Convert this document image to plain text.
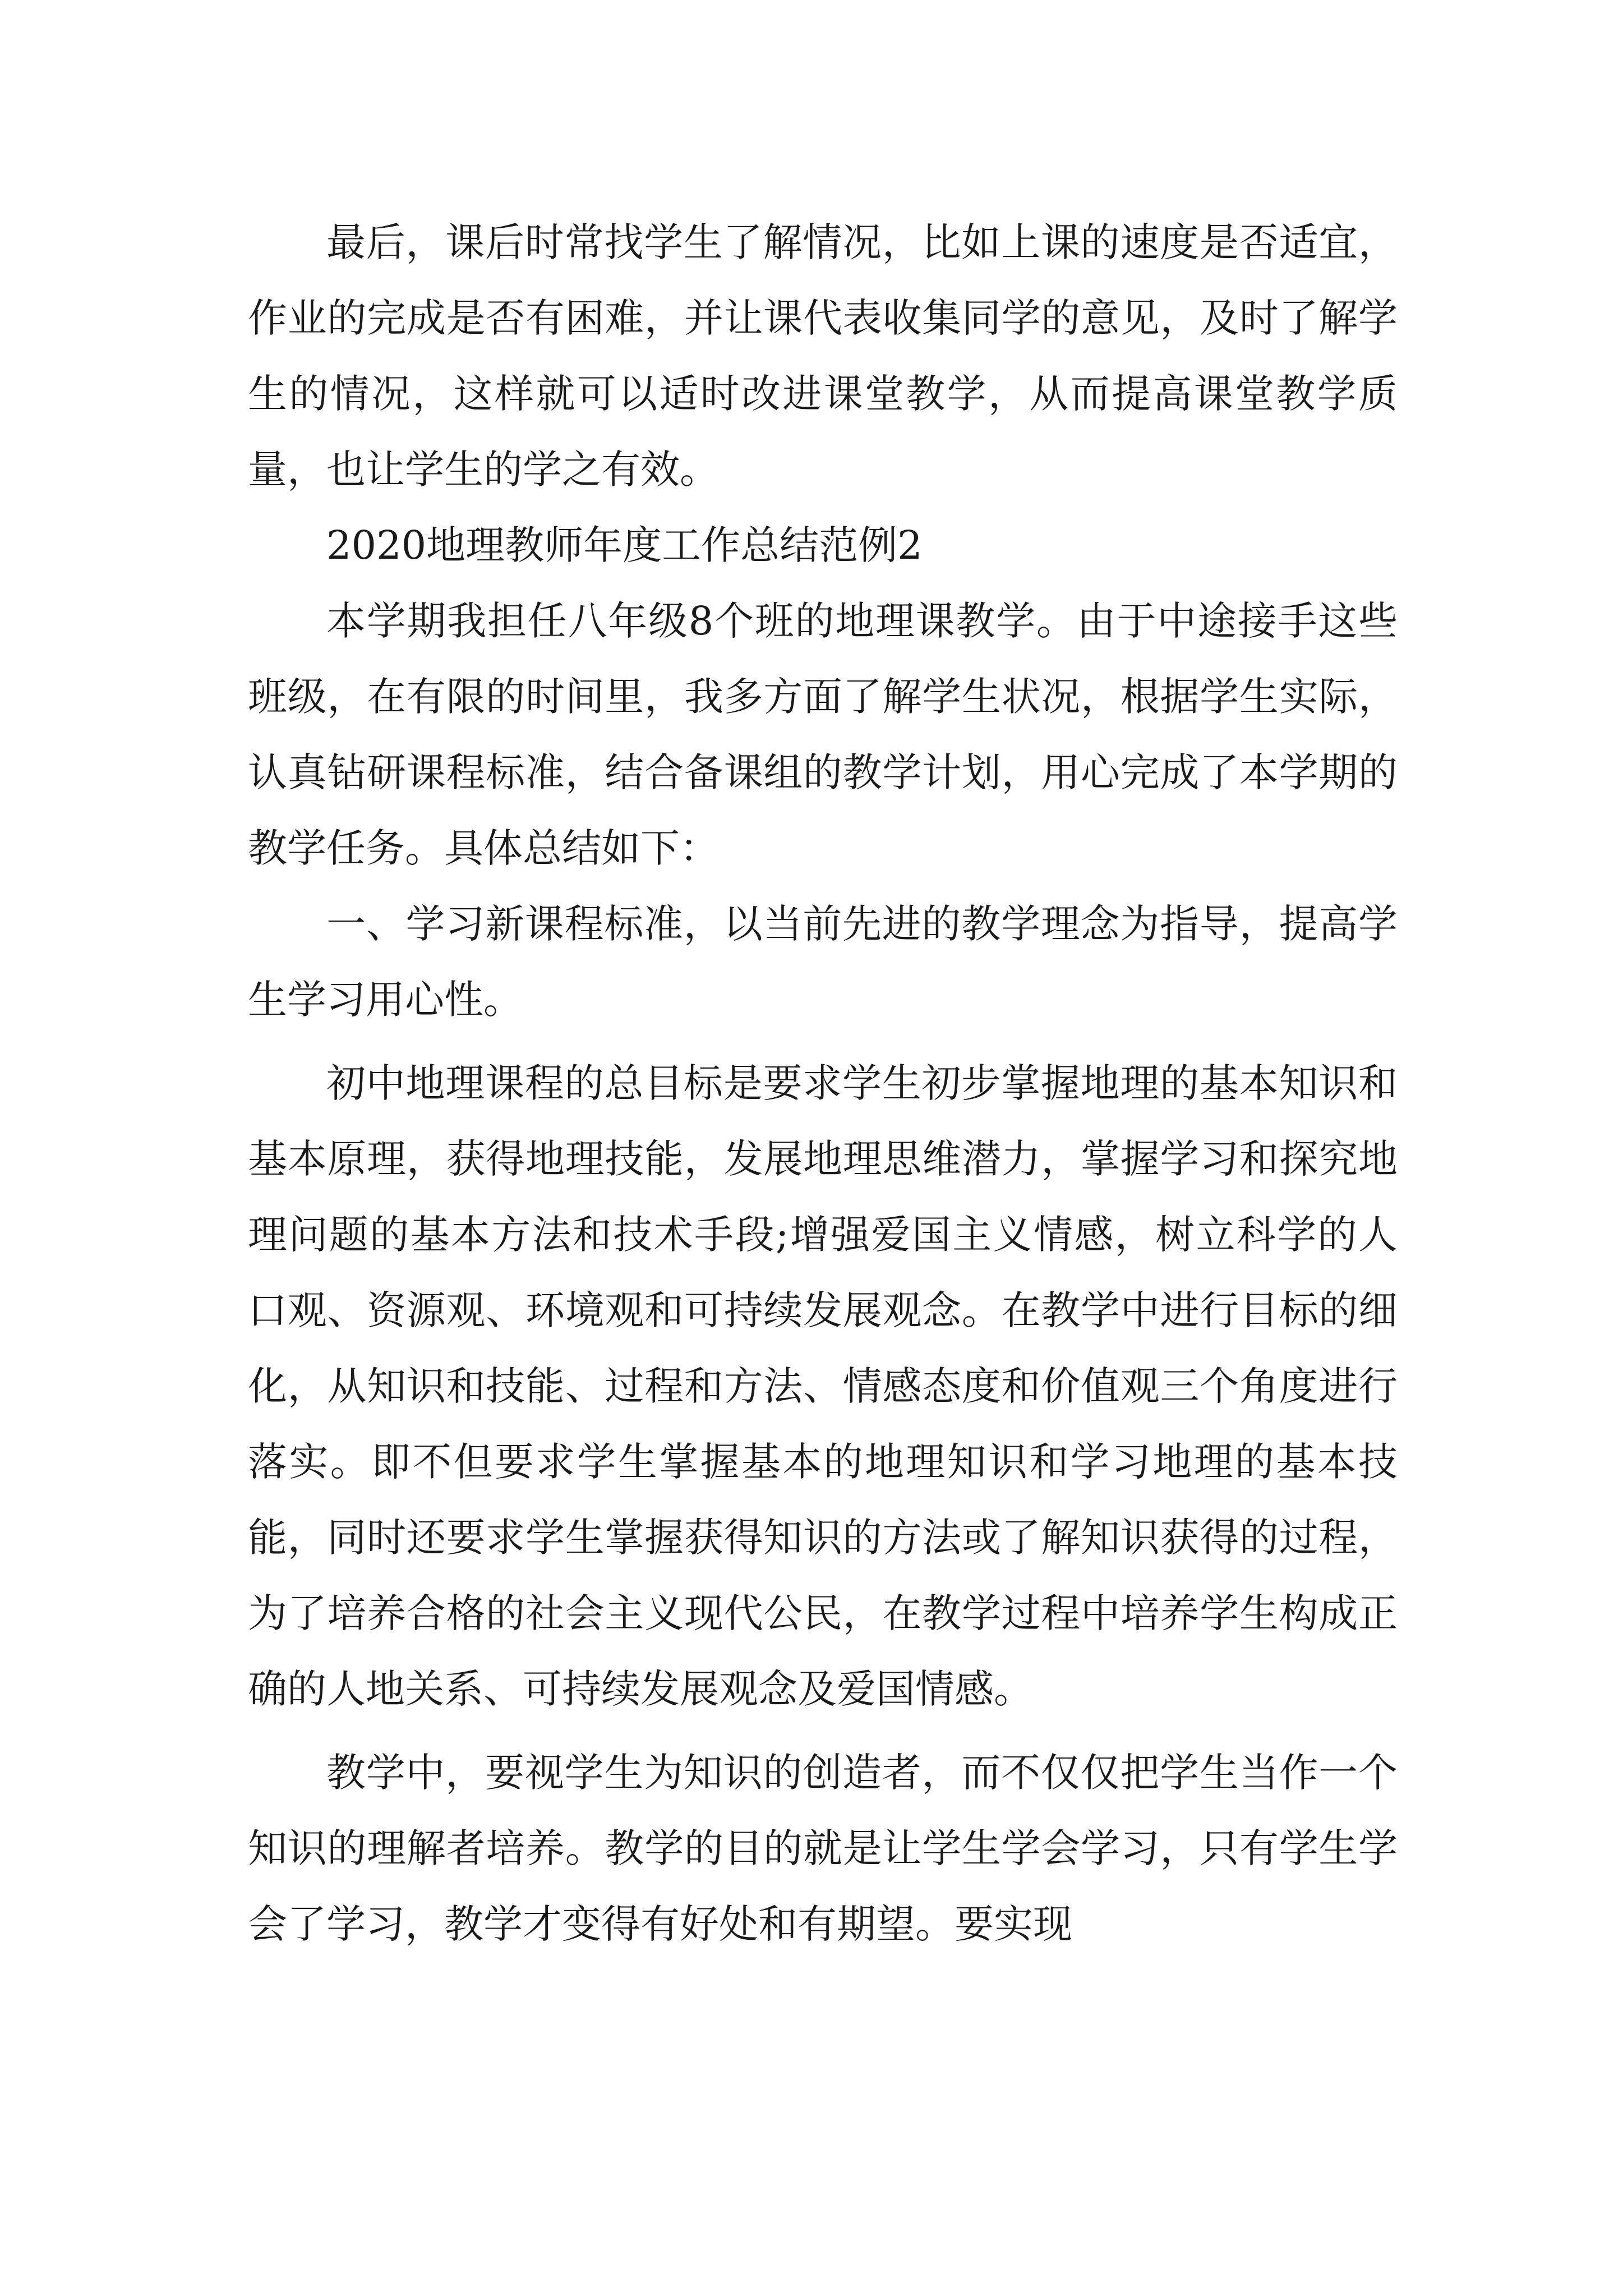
最后，课后时常找学生了解情况，比如上课的速度是否适宜，作业的完成是否有困难，并让课代表收集同学的意见，及时了解学生的情况，这样就可以适时改进课堂教学，从而提高课堂教学质量，也让学生的学之有效。

2020地理教师年度工作总结范例2

本学期我担任八年级8个班的地理课教学。由于中途接手这些班级，在有限的时间里，我多方面了解学生状况，根据学生实际，认真钻研课程标准，结合备课组的教学计划，用心完成了本学期的教学任务。具体总结如下：

一、学习新课程标准，以当前先进的教学理念为指导，提高学生学习用心性。

初中地理课程的总目标是要求学生初步掌握地理的基本知识和基本原理，获得地理技能，发展地理思维潜力，掌握学习和探究地理问题的基本方法和技术手段;增强爱国主义情感，树立科学的人口观、资源观、环境观和可持续发展观念。在教学中进行目标的细化，从知识和技能、过程和方法、情感态度和价值观三个角度进行落实。即不但要求学生掌握基本的地理知识和学习地理的基本技能，同时还要求学生掌握获得知识的方法或了解知识获得的过程，为了培养合格的社会主义现代公民，在教学过程中培养学生构成正确的人地关系、可持续发展观念及爱国情感。

教学中，要视学生为知识的创造者，而不仅仅把学生当作一个知识的理解者培养。教学的目的就是让学生学会学习，只有学生学会了学习，教学才变得有好处和有期望。要实现
